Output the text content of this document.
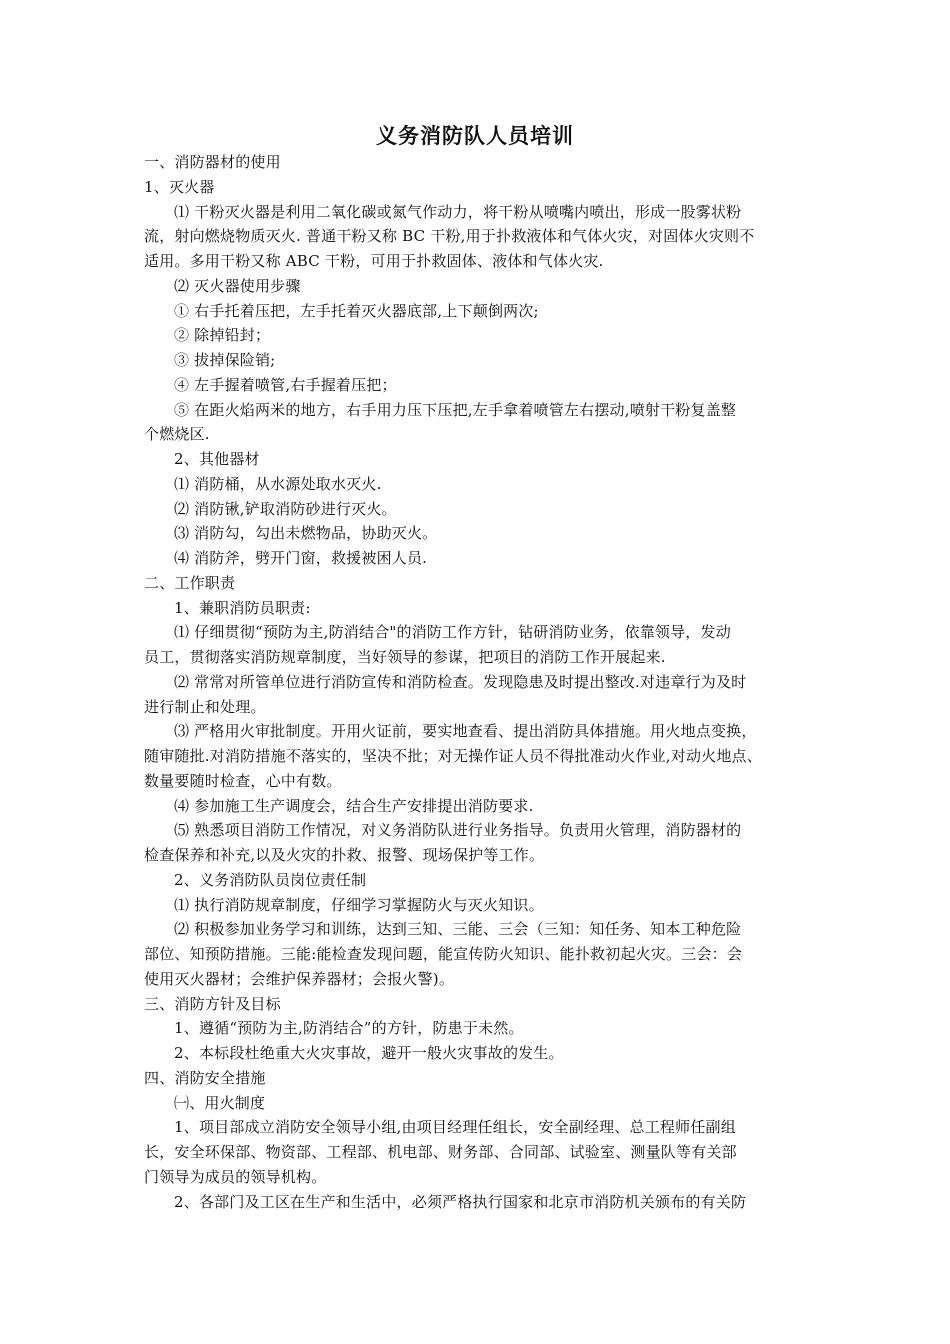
义务消防队人员培训

一、消防器材的使用

1、灭火器

⑴ 干粉灭火器是利用二氧化碳或氮气作动力，将干粉从喷嘴内喷出，形成一股雾状粉

流，射向燃烧物质灭火. 普通干粉又称 BC 干粉,用于扑救液体和气体火灾，对固体火灾则不

适用。多用干粉又称 ABC 干粉，可用于扑救固体、液体和气体火灾.

⑵ 灭火器使用步骤

① 右手托着压把，左手托着灭火器底部,上下颠倒两次;

② 除掉铅封；

③ 拔掉保险销;

④ 左手握着喷管,右手握着压把；

⑤ 在距火焰两米的地方，右手用力压下压把,左手拿着喷管左右摆动,喷射干粉复盖整

个燃烧区.

2、其他器材

⑴ 消防桶，从水源处取水灭火.

⑵ 消防锹,铲取消防砂进行灭火。

⑶ 消防勾，勾出未燃物品，协助灭火。

⑷ 消防斧，劈开门窗，救援被困人员.

二、工作职责

1、兼职消防员职责:

⑴ 仔细贯彻“预防为主,防消结合"的消防工作方针，钻研消防业务，依靠领导，发动

员工，贯彻落实消防规章制度，当好领导的参谋，把项目的消防工作开展起来.

⑵ 常常对所管单位进行消防宣传和消防检查。发现隐患及时提出整改.对违章行为及时

进行制止和处理。

⑶ 严格用火审批制度。开用火证前，要实地查看、提出消防具体措施。用火地点变换，

随审随批.对消防措施不落实的，坚决不批；对无操作证人员不得批准动火作业,对动火地点、

数量要随时检查，心中有数。

⑷ 参加施工生产调度会，结合生产安排提出消防要求.

⑸ 熟悉项目消防工作情况，对义务消防队进行业务指导。负责用火管理，消防器材的

检查保养和补充,以及火灾的扑救、报警、现场保护等工作。

2、义务消防队员岗位责任制

⑴ 执行消防规章制度，仔细学习掌握防火与灭火知识。

⑵ 积极参加业务学习和训练，达到三知、三能、三会（三知：知任务、知本工种危险

部位、知预防措施。三能:能检查发现问题，能宣传防火知识、能扑救初起火灾。三会：会

使用灭火器材；会维护保养器材；会报火警)。

三、消防方针及目标

1、遵循“预防为主,防消结合”的方针，防患于未然。

2、本标段杜绝重大火灾事故，避开一般火灾事故的发生。

四、消防安全措施

㈠、用火制度

1、项目部成立消防安全领导小组,由项目经理任组长，安全副经理、总工程师任副组

长，安全环保部、物资部、工程部、机电部、财务部、合同部、试验室、测量队等有关部

门领导为成员的领导机构。

2、各部门及工区在生产和生活中，必须严格执行国家和北京市消防机关颁布的有关防
